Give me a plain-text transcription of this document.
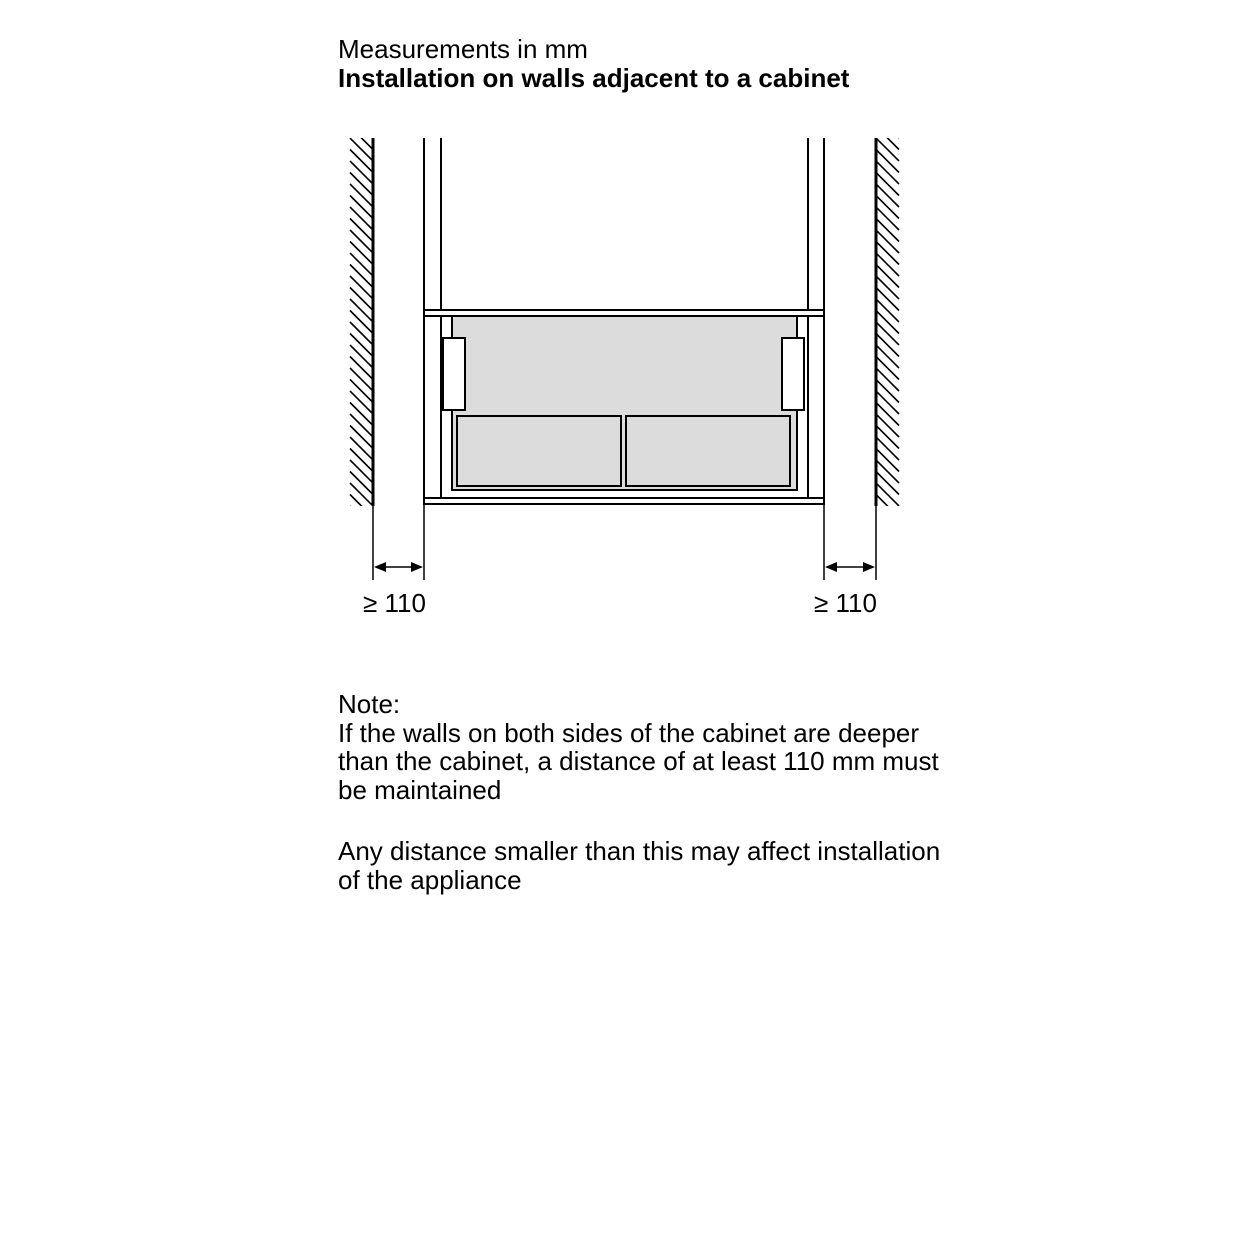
Measurements in mm
Installation on walls adjacent to a cabinet
≥ 110	≥ 110

Note:
If the walls on both sides of the cabinet are deeper than the cabinet, a distance of at least 110 mm must be maintained

Any distance smaller than this may affect installation of the appliance
